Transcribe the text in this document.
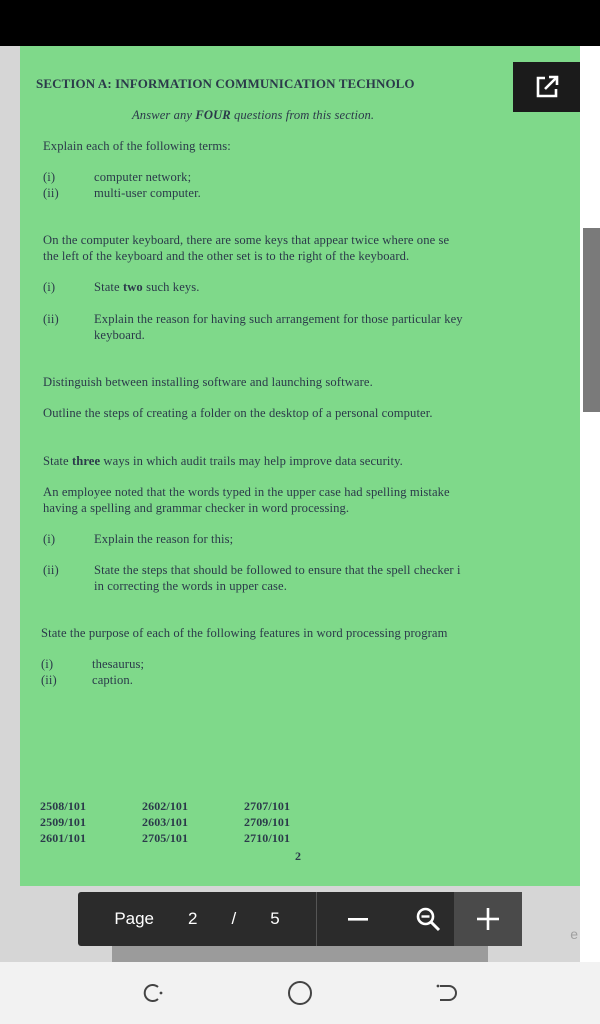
SECTION A: INFORMATION COMMUNICATION TECHNOLO
Answer any FOUR questions from this section.
Explain each of the following terms:
(i)	computer network;
(ii)	multi-user computer.
On the computer keyboard, there are some keys that appear twice where one se
the left of the keyboard and the other set is to the right of the keyboard.
(i)	State two such keys.
(ii)	Explain the reason for having such arrangement for those particular key
keyboard.
Distinguish between installing software and launching software.
Outline the steps of creating a folder on the desktop of a personal computer.
State three ways in which audit trails may help improve data security.
An employee noted that the words typed in the upper case had spelling mistake
having a spelling and grammar checker in word processing.
(i)	Explain the reason for this;
(ii)	State the steps that should be followed to ensure that the spell checker i
in correcting the words in upper case.
State the purpose of each of the following features in word processing program
(i)	thesaurus;
(ii)	caption.
2508/101	2602/101	2707/101
2509/101	2603/101	2709/101
2601/101	2705/101	2710/101
2
Page 2 / 5
e
